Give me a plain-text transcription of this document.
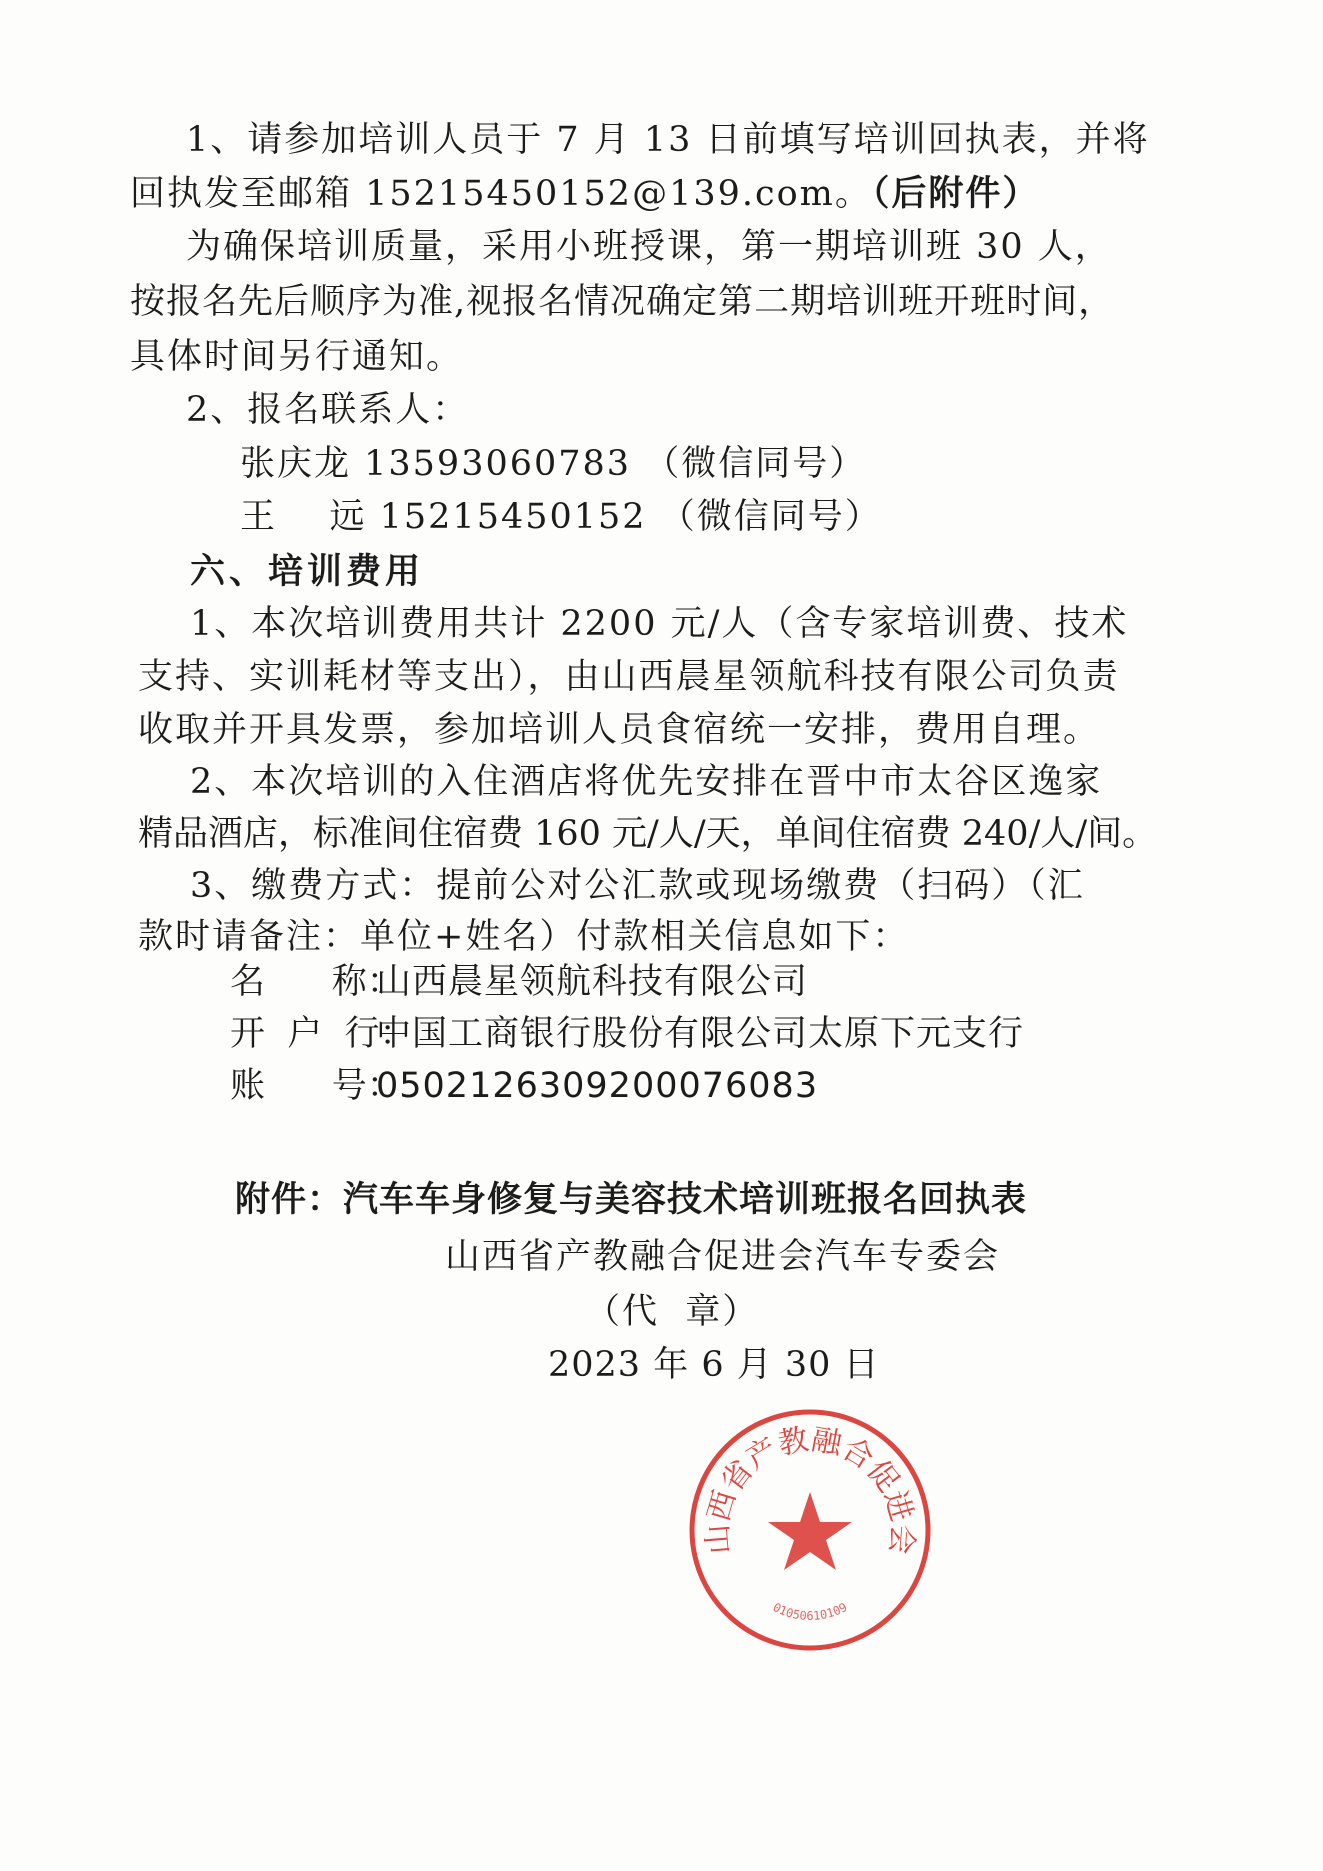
1、请参加培训人员于 7 月 13 日前填写培训回执表，并将
回执发至邮箱 15215450152@139.com。（后附件）
为确保培训质量，采用小班授课，第一期培训班 30 人，
按报名先后顺序为准,视报名情况确定第二期培训班开班时间，
具体时间另行通知。
2、报名联系人：
张庆龙 13593060783 （微信同号）
王    远 15215450152 （微信同号）
六、培训费用
1、本次培训费用共计 2200 元/人（含专家培训费、技术
支持、实训耗材等支出），由山西晨星领航科技有限公司负责
收取并开具发票，参加培训人员食宿统一安排，费用自理。
2、本次培训的入住酒店将优先安排在晋中市太谷区逸家
精品酒店，标准间住宿费 160 元/人/天，单间住宿费 240/人/间。
3、缴费方式：提前公对公汇款或现场缴费（扫码）（汇
款时请备注：单位+姓名）付款相关信息如下：
名      称：
山西晨星领航科技有限公司
开  户  行：
中国工商银行股份有限公司太原下元支行
账      号：
0502126309200076083
附件：汽车车身修复与美容技术培训班报名回执表
山西省产教融合促进会
01050610109
山西省产教融合促进会汽车专委会
（代  章）
2023 年 6 月 30 日
